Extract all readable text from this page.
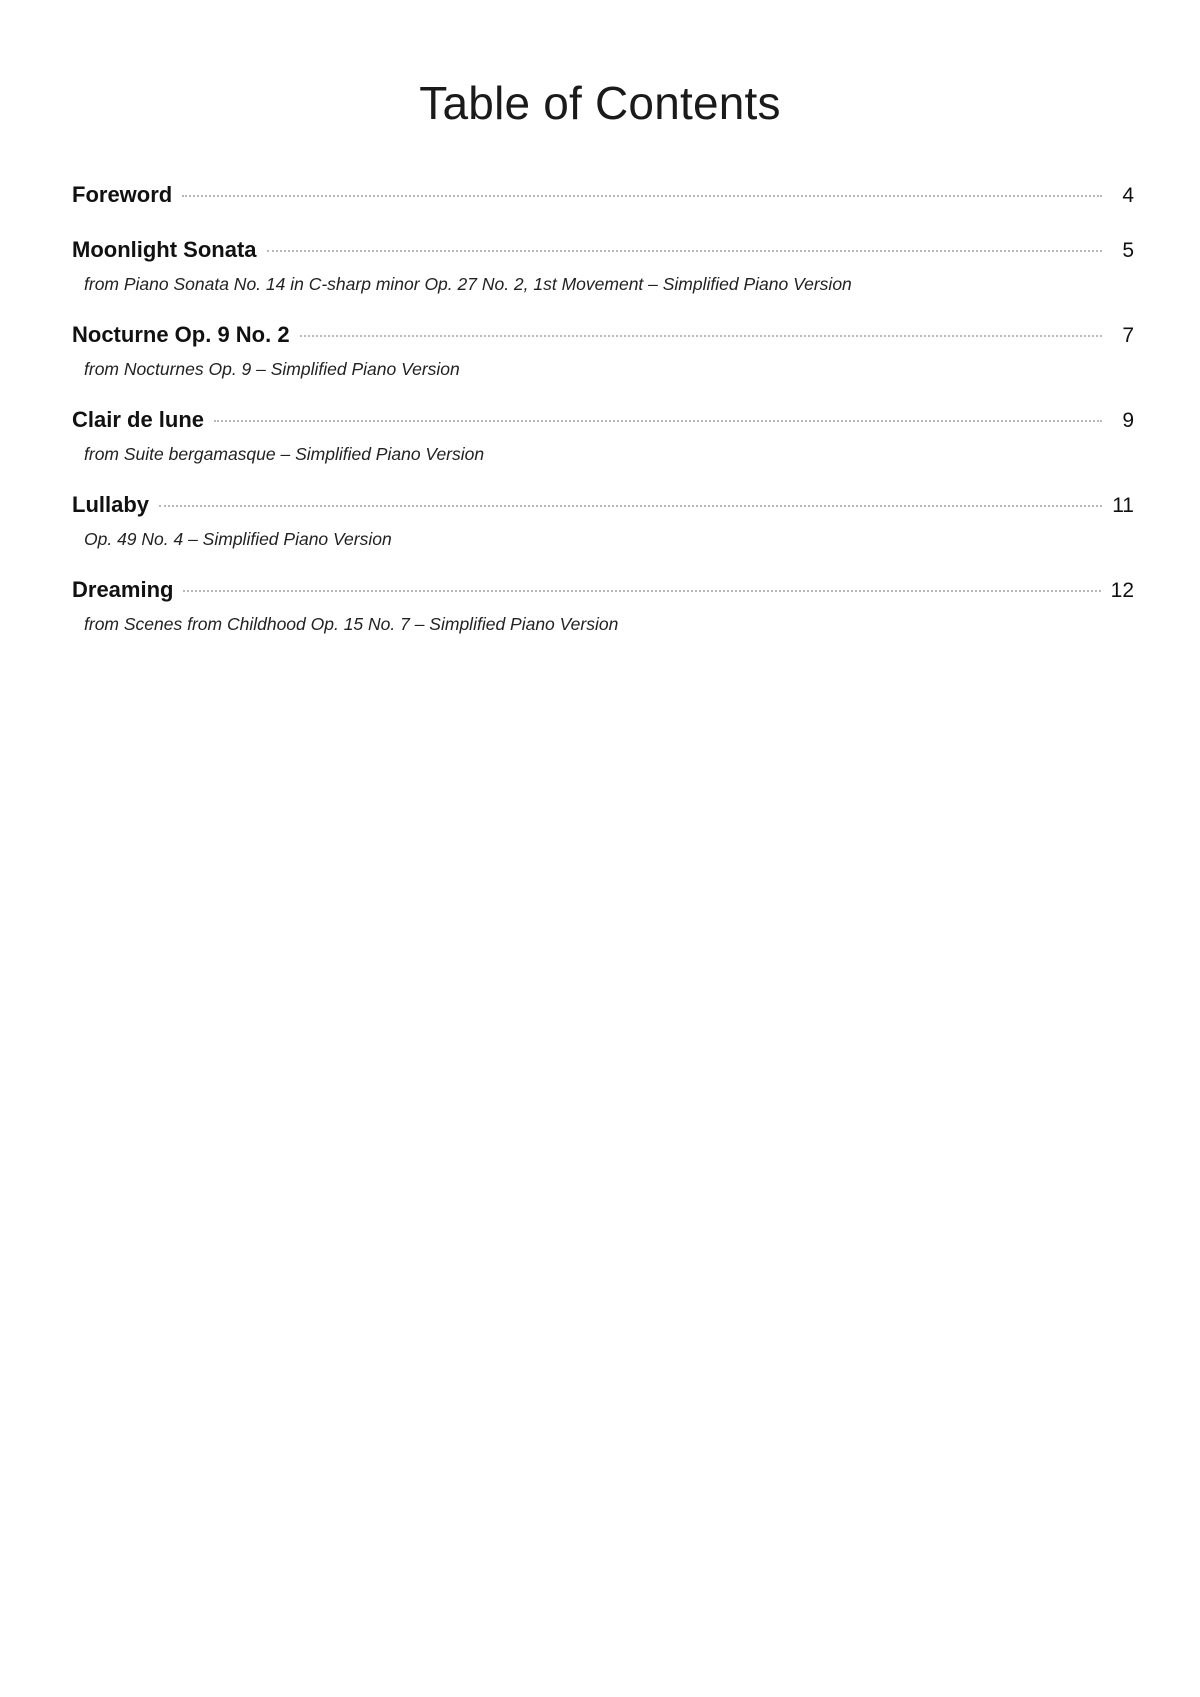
Table of Contents
Foreword	4
Moonlight Sonata	5
from Piano Sonata No. 14 in C-sharp minor Op. 27 No. 2, 1st Movement – Simplified Piano Version
Nocturne Op. 9 No. 2	7
from Nocturnes Op. 9 – Simplified Piano Version
Clair de lune	9
from Suite bergamasque – Simplified Piano Version
Lullaby	11
Op. 49 No. 4 – Simplified Piano Version
Dreaming	12
from Scenes from Childhood Op. 15 No. 7 – Simplified Piano Version
